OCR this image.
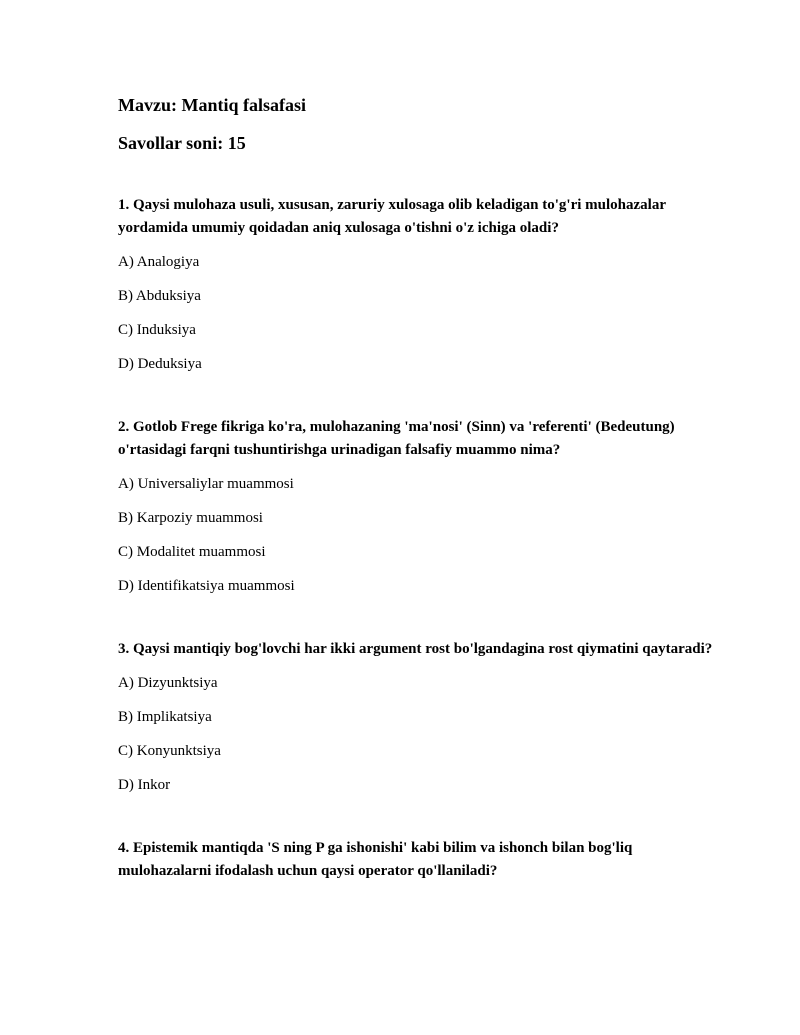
Mavzu: Mantiq falsafasi
Savollar soni: 15

1. Qaysi mulohaza usuli, xususan, zaruriy xulosaga olib keladigan to'g'ri mulohazalar yordamida umumiy qoidadan aniq xulosaga o'tishni o'z ichiga oladi?

A) Analogiya

B) Abduksiya

C) Induksiya

D) Deduksiya

2. Gotlob Frege fikriga ko'ra, mulohazaning 'ma'nosi' (Sinn) va 'referenti' (Bedeutung) o'rtasidagi farqni tushuntirishga urinadigan falsafiy muammo nima?

A) Universaliylar muammosi

B) Karpoziy muammosi

C) Modalitet muammosi

D) Identifikatsiya muammosi

3. Qaysi mantiqiy bog'lovchi har ikki argument rost bo'lgandagina rost qiymatini qaytaradi?

A) Dizyunktsiya

B) Implikatsiya

C) Konyunktsiya

D) Inkor

4. Epistemik mantiqda 'S ning P ga ishonishi' kabi bilim va ishonch bilan bog'liq mulohazalarni ifodalash uchun qaysi operator qo'llaniladi?
